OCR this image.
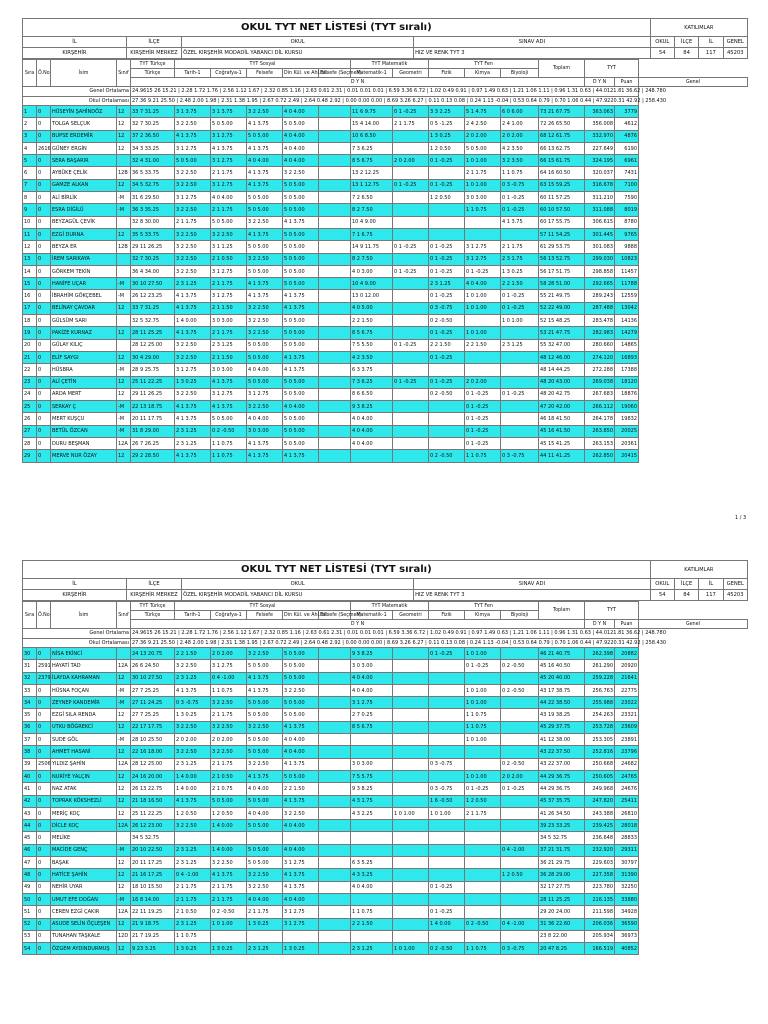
OKUL TYT NET LİSTESİ (TYT sıralı)				KATILIMLAR			
İL	İLÇE	OKUL	SINAV ADI	OKUL	İLÇE	İL	GENEL
KIRŞEHİR	KIRŞEHİR MERKEZ	ÖZEL KIRŞEHİR MODADİL YABANCI DİL KURSU	HIZ VE RENK TYT 3	54	84	117	45203
Sıra	Ö.No	İsim	Sınıf	TYT Türkçe	TYT Sosyal					TYT Matematik		TYT Fen			Toplam	TYT		
				Türkçe	Tarih-1	Coğrafya-1	Felsefe	Din Kül. ve Ahl.Bil.	Felsefe (Seçmeli)	Matematik-1	Geometri	Fizik	Kimya	Biyoloji				
				D Y N												D Y N	Puan	Genel
Genel Ortalama				24.9615 26 15.21 | 2.28 1.72 1.76 | 2.56 1.12 1.67 | 2.32 0.85 1.16 | 2.63 0.61 2.31 | 0.01 0.01 0.01 | 6.59 3.36 6.72 | 1.02 0.49 0.91 | 0.97 1.49 0.63 | 1.21 1.06 1.11 | 0.96 1.31 0.63 | 44.0121.81 36.62 | 248.780														
Okul Ortalaması				27.36 9.21 25.50 | 2.48 2.00 1.98 | 2.31 1.38 1.95 | 2.67 0.72 2.49 | 2.64 0.48 2.92 | 0.00 0.00 0.00 | 8.69 3.26 6.27 | 0.11 0.13 0.08 | 0.24 1.13 -0.04 | 0.53 0.64 0.79 | 0.70 1.06 0.44 | 47.9220.31 42.92 | 258.430														
1	0	HÜSEYİN ŞAHİNDÖZ	12	33 7 31.25	3 1 3.75	3 1 3.75	3 2 2.50	4 0 4.00		11 6 9.75	0 1 -0.25	3 3 2.25	5 1 4.75	6 0 6.00	73 21 67.75	363.063	3779	
2	0	TOLGA SELÇUK	12	32 7 30.25	3 2 2.50	5 0 5.00	4 1 3.75	5 0 5.00		15 4 14.00	2 1 1.75	0 5 -1.25	2 4 2.50	2 4 1.00	72 26 65.50	356.008	4612	
3	0	BUPSE ERDEMİR	12	37 2 36.50	4 1 3.75	3 1 2.75	5 0 5.00	4 0 4.00		10 6 8.50		1 3 0.25	2 0 2.00	2 0 2.00	68 12 61.75	332.970	4876	
4	2616	GÜNEY ERGİN	12	34 3 33.25	3 1 2.75	4 1 3.75	4 1 3.75	4 0 4.00		7 3 6.25		1 2 0.50	5 0 5.00	4 2 3.50	66 13 62.75	227.649	6190	
5	0	SERA BAŞARIR		32 4 31.00	5 0 5.00	3 1 2.75	4 0 4.00	4 0 4.00		8 5 6.75	2 0 2.00	0 1 -0.25	1 0 1.00	3 2 3.50	66 15 61.75	324.195	6961	
6	0	AYBÜKE ÇELİK	12B	36 5 33.75	3 2 2.50	2 1 1.75	4 1 3.75	3 2 2.50		13 2 12.25			2 1 1.75	1 1 0.75	64 16 60.50	320.037	7431	
7	0	GAMZE ALKAN	12	34 5 32.75	3 2 2.50	3 1 2.75	4 1 3.75	5 0 5.00		13 1 12.75	0 1 -0.25	0 1 -0.25	1 0 1.00	0 3 -0.75	63 15 59.25	316.678	7100	
8	0	ALİ BİRLİK	-M	31 6 29.50	3 1 2.75	4 0 4.00	5 0 5.00	5 0 5.00		7 2 6.50		1 2 0.50	3 0 3.00	0 1 -0.25	60 11 57.25	311.210	7590	
9	0	ESRA DİĞİLÜ	-M	36 3 35.25	3 2 2.50	2 1 1.75	5 0 5.00	5 0 5.00		8 2 7.50			1 1 0.75	0 1 -0.25	60 10 57.50	311.088	8019	
10	0	BEYZAGÜL ÇEVİK		32 8 30.00	2 1 1.75	5 0 5.00	3 2 2.50	4 1 3.75		10 4 9.00				4 1 3.75	60 17 55.75	306.615	8780	
11	0	EZGİ DURNA	12	35 5 33.75	3 2 2.50	3 2 2.50	4 1 3.75	5 0 5.00		7 1 6.75					57 11 54.25	301.445	9765	
12	0	BEYZA ER	12B	29 11 26.25	3 2 2.50	3 1 1.25	5 0 5.00	5 0 5.00		14 9 11.75	0 1 -0.25	0 1 -0.25	3 1 2.75	2 1 1.75	61 29 53.75	301.083	9888	
13	0	İREM SARIKAYA		32 7 30.25	3 2 2.50	2 1 0.50	3 2 2.50	5 0 5.00		8 2 7.50		0 1 -0.25	3 1 2.75	2 3 1.75	56 13 52.75	299.030	10823	
14	0	GÖRKEM TEKİN		36 4 34.00	3 2 2.50	3 1 2.75	5 0 5.00	5 0 5.00		4 0 3.00	0 1 -0.25	0 1 -0.25	0 1 -0.25	1 3 0.25	56 17 51.75	298.858	11457	
15	0	HANİFE UÇAR	-M	30 10 27.50	2 3 1.25	2 1 1.75	4 1 3.75	5 0 5.00		10 4 9.00		2 3 1.25	4 0 4.00	2 2 1.50	58 28 51.00	292.665	11788	
16	0	İBRAHİM GÖKÇEBEL	-M	26 12 23.25	4 1 3.75	3 1 2.75	4 1 3.75	4 1 3.75		13 0 12.00		0 1 -0.25	1 0 1.00	0 1 -0.25	55 21 49.75	289.243	12559	
17	0	BELİNAY ÇAVDAR	12	33 7 31.25	4 1 3.75	2 1 1.50	3 2 2.50	4 1 3.75		4 0 5.00		0 3 -0.75	1 0 1.00	0 1 -0.25	52 22 49.00	287.488	13042	
18	0	GÜLSÜM SARI		32 5 32.75	1 4 0.00	3 0 3.00	3 2 2.50	5 0 5.00		2 2 1.50		0 2 -0.50		1 0 1.00	52 15 48.25	283.478	14136	
19	0	PAKİZE KURNAZ	12	28 11 25.25	4 1 3.75	2 1 1.75	3 2 2.50	5 0 5.00		8 5 6.75		0 1 -0.25	1 0 1.00		53 21 47.75	282.983	14279	
20	0	GÜLAY KILIÇ		28 12 25.00	3 2 2.50	2 3 1.25	5 0 5.00	5 0 5.00		7 5 5.50	0 1 -0.25	2 2 1.50	2 2 1.50	2 3 1.25	55 32 47.00	280.660	14865	
21	0	ELİF SAYGI	12	30 4 29.00	3 2 2.50	2 1 1.50	5 0 5.00	4 1 3.75		4 2 3.50		0 1 -0.25			48 12 46.00	274.120	16893	
22	0	HÜSBRA	-M	28 9 25.75	3 1 2.75	3 0 3.00	4 0 4.00	4 1 3.75		6 3 3.75					48 14 44.25	272.288	17388	
23	0	ALİ ÇETİN	12	25 11 22.25	1 3 0.25	4 1 3.75	5 0 5.00	5 0 5.00		7 3 6.25	0 1 -0.25	0 1 -0.25	2 0 2.00		48 20 43.00	269.038	18120	
24	0	ARDA MERT	12	29 11 26.25	3 2 2.50	3 1 2.75	3 1 2.75	5 0 5.00		8 6 6.50		0 2 -0.50	0 1 -0.25	0 1 -0.25	48 20 42.75	267.683	18876	
25	0	SERKAY Ç	-M	22 13 18.75	4 1 3.75	4 1 3.75	3 2 2.50	4 0 4.00		9 3 8.25			0 1 -0.25		47 20 42.00	266.112	19060	
26	0	MERT KUŞÇU	-M	20 11 17.75	4 1 3.75	5 0 5.00	4 0 4.00	5 0 5.00		4 0 4.00			0 1 -0.25		46 18 41.50	264.178	19832	
27	0	BETÜL ÖZCAN	-M	31 8 29.00	2 3 1.25	0 2 -0.50	3 0 3.00	5 0 5.00		4 0 4.00			0 1 -0.25		45 16 41.50	263.850	20025	
28	0	DURU BEŞMAN	12A	26 7 26.25	2 3 1.25	1 1 0.75	4 1 3.75	5 0 5.00		4 0 4.00			0 1 -0.25		45 15 41.25	263.153	20361	
29	0	MERVE NUR ÖZAY	12	29 2 28.50	4 1 3.75	1 1 0.75	4 1 3.75	4 1 3.75				0 2 -0.50	1 1 0.75	0 3 -0.75	44 11 41.25	262.850	20415	
1 / 3
OKUL TYT NET LİSTESİ (TYT sıralı)				KATILIMLAR			
İL	İLÇE	OKUL	SINAV ADI	OKUL	İLÇE	İL	GENEL
KIRŞEHİR	KIRŞEHİR MERKEZ	ÖZEL KIRŞEHİR MODADİL YABANCI DİL KURSU	HIZ VE RENK TYT 3	54	84	117	45203
Sıra	Ö.No	İsim	Sınıf	TYT Türkçe	TYT Sosyal					TYT Matematik		TYT Fen			Toplam	TYT		
				Türkçe	Tarih-1	Coğrafya-1	Felsefe	Din Kül. ve Ahl.Bil.	Felsefe (Seçmeli)	Matematik-1	Geometri	Fizik	Kimya	Biyoloji				
				D Y N												D Y N	Puan	Genel
Genel Ortalama				24.9615 26 15.21 | 2.28 1.72 1.76 | 2.56 1.12 1.67 | 2.32 0.85 1.16 | 2.63 0.61 2.31 | 0.01 0.01 0.01 | 6.59 3.36 6.72 | 1.02 0.49 0.91 | 0.97 1.49 0.63 | 1.21 1.06 1.11 | 0.96 1.31 0.63 | 44.0121.81 36.62 | 248.780														
Okul Ortalaması				27.36 9.21 25.50 | 2.48 2.00 1.98 | 2.31 1.38 1.95 | 2.67 0.72 2.49 | 2.64 0.48 2.92 | 0.00 0.00 0.00 | 8.69 3.26 6.27 | 0.11 0.13 0.08 | 0.24 1.13 -0.04 | 0.53 0.64 0.79 | 0.70 1.06 0.44 | 47.9220.31 42.92 | 258.430														
30	0	NİSA EKİNCİ		24 13 20.75	2 2 1.50	2 0 2.00	3 2 2.50	5 0 5.00		9 3 8.25		0 1 -0.25	1 0 1.00		46 21 40.75	262.398	20882	
31	2591	HAYATİ TAD	12A	26 6 24.50	3 2 2.50	3 1 2.75	5 0 5.00	5 0 5.00		3 0 3.00			0 1 -0.25	0 2 -0.50	45 16 40.50	261.290	20920	
32	2379	İLAYDA KAHRAMAN	12	30 10 27.50	2 3 1.25	0 4 -1.00	4 1 3.75	5 0 5.00		4 0 4.00					45 20 40.00	259.228	21641	
33	0	HÜSNA FOÇAN	-M	27 7 25.25	4 1 3.75	1 1 0.75	4 1 3.75	3 2 2.50		4 0 4.00			1 0 1.00	0 2 -0.50	43 17 38.75	256.763	22775	
34	0	ZEYNEP KANDEMİR	-M	27 11 24.25	0 3 -0.75	3 2 2.50	5 0 5.00	5 0 5.00		3 1 2.75			1 0 1.00		44 22 38.50	255.988	23022	
35	0	EZGİ SILA RENDA	12	27 7 25.25	1 3 0.25	2 1 1.75	5 0 5.00	5 0 5.00		2 7 0.25			1 1 0.75		43 19 38.25	254.263	23321	
36	0	UTKU BÖĞREKCİ	12	22 17 17.75	3 2 2.50	3 2 2.50	3 2 2.50	4 1 3.75		8 5 6.75			1 1 0.75		45 29 37.75	253.728	23609	
37	0	SUDE GÖL	-M	28 10 25.50	2 0 2.00	2 0 2.00	5 0 5.00	4 0 4.00					1 0 1.00		41 12 38.00	253.305	23891	
38	0	AHMET HASANİ	12	22 16 18.00	3 2 2.50	3 2 2.50	5 0 5.00	4 0 4.00							43 22 37.50	252.816	23796	
39	2506	YILDIZ ŞAHİN	12A	28 12 25.00	2 3 1.25	2 1 1.75	3 2 2.50	4 1 3.75		3 0 3.00		0 3 -0.75		0 2 -0.50	43 22 37.00	250.668	24682	
40	0	NURİYE YALÇIN	12	24 16 20.00	1 4 0.00	2 1 0.50	4 1 3.75	5 0 5.00		7 5 5.75			1 0 1.00	2 0 2.00	44 29 36.75	250.605	24765	
41	0	NAZ ATAK	12	26 13 22.75	1 4 0.00	2 1 0.75	4 0 4.00	2 2 1.50		9 3 8.25		0 3 -0.75	0 1 -0.25	0 1 -0.25	44 29 36.75	249.968	24676	
42	0	TOPRAK KÖKSHEZLİ	12	21 18 16.50	4 1 3.75	5 0 5.00	5 0 5.00	4 1 3.75		4 3 1.75		1 6 -0.50	1 2 0.50		45 37 35.75	247.820	25411	
43	0	MERİÇ KOÇ	12	25 11 22.25	1 2 0.50	1 2 0.50	4 0 4.00	3 2 2.50		4 3 2.25	1 0 1.00	1 0 1.00	2 1 1.75		41 26 34.50	243.388	26810	
44	0	DİCLE KOÇ	12A	26 12 23.00	3 2 2.50	1 4 0.00	5 0 5.00	4 0 4.00							39 23 33.25	239.425	28018	
45	0	MELİKE		34 5 32.75											34 5 32.75	236.648	28833	
46	0	MACİDE GENÇ	-M	20 10 22.50	2 3 1.25	1 4 0.00	5 0 5.00	4 0 4.00						0 4 -1.00	37 21 31.75	232.920	29311	
47	0	BAŞAK	12	20 11 17.25	2 3 1.25	3 2 2.50	5 0 5.00	3 1 2.75		6 3 5.25					36 21 29.75	229.603	30797	
48	0	HATİCE ŞAHİN	12	21 16 17.25	0 4 -1.00	4 1 3.75	3 2 2.50	4 1 3.75		4 3 3.25				1 2 0.50	36 28 29.00	227.358	31390	
49	0	NEHİR UYAR	12	18 10 15.50	2 1 1.75	2 1 1.75	3 2 2.50	4 1 3.75		4 0 4.00		0 1 -0.25			32 17 27.75	223.780	32250	
50	0	UMUT EFE DOĞAN	-M	16 8 14.00	2 1 1.75	2 1 1.75	4 0 4.00	4 0 4.00							28 11 25.25	216.135	33880	
51	0	CEREN EZGİ ÇAKIR	12A	22 11 19.25	2 1 0.50	0 2 -0.50	2 1 1.75	3 1 2.75		1 1 0.75		0 1 -0.25			29 20 24.00	211.598	34928	
52	0	ASUDE SELİN ÖÇLEŞEN	12	21 9 18.75	2 3 1.25	1 0 1.00	1 3 0.25	3 1 2.75		2 2 1.50		1 4 0.00	0 2 -0.50	0 4 -1.00	31 36 22.60	206.036	36590	
53	0	TUNAHAN TAŞKALE	12D	21 7 19.25	1 1 0.75										23 8 22.00	205.934	36973	
54	0	ÖZGEM AYDINDURMUŞ	12	9 23 3.25	1 3 0.25	1 3 0.25	2 3 1.25	1 3 0.25		2 3 1.25	1 0 1.00	0 2 -0.50	1 1 0.75	0 3 -0.75	20 47 8.25	166.519	40852	
